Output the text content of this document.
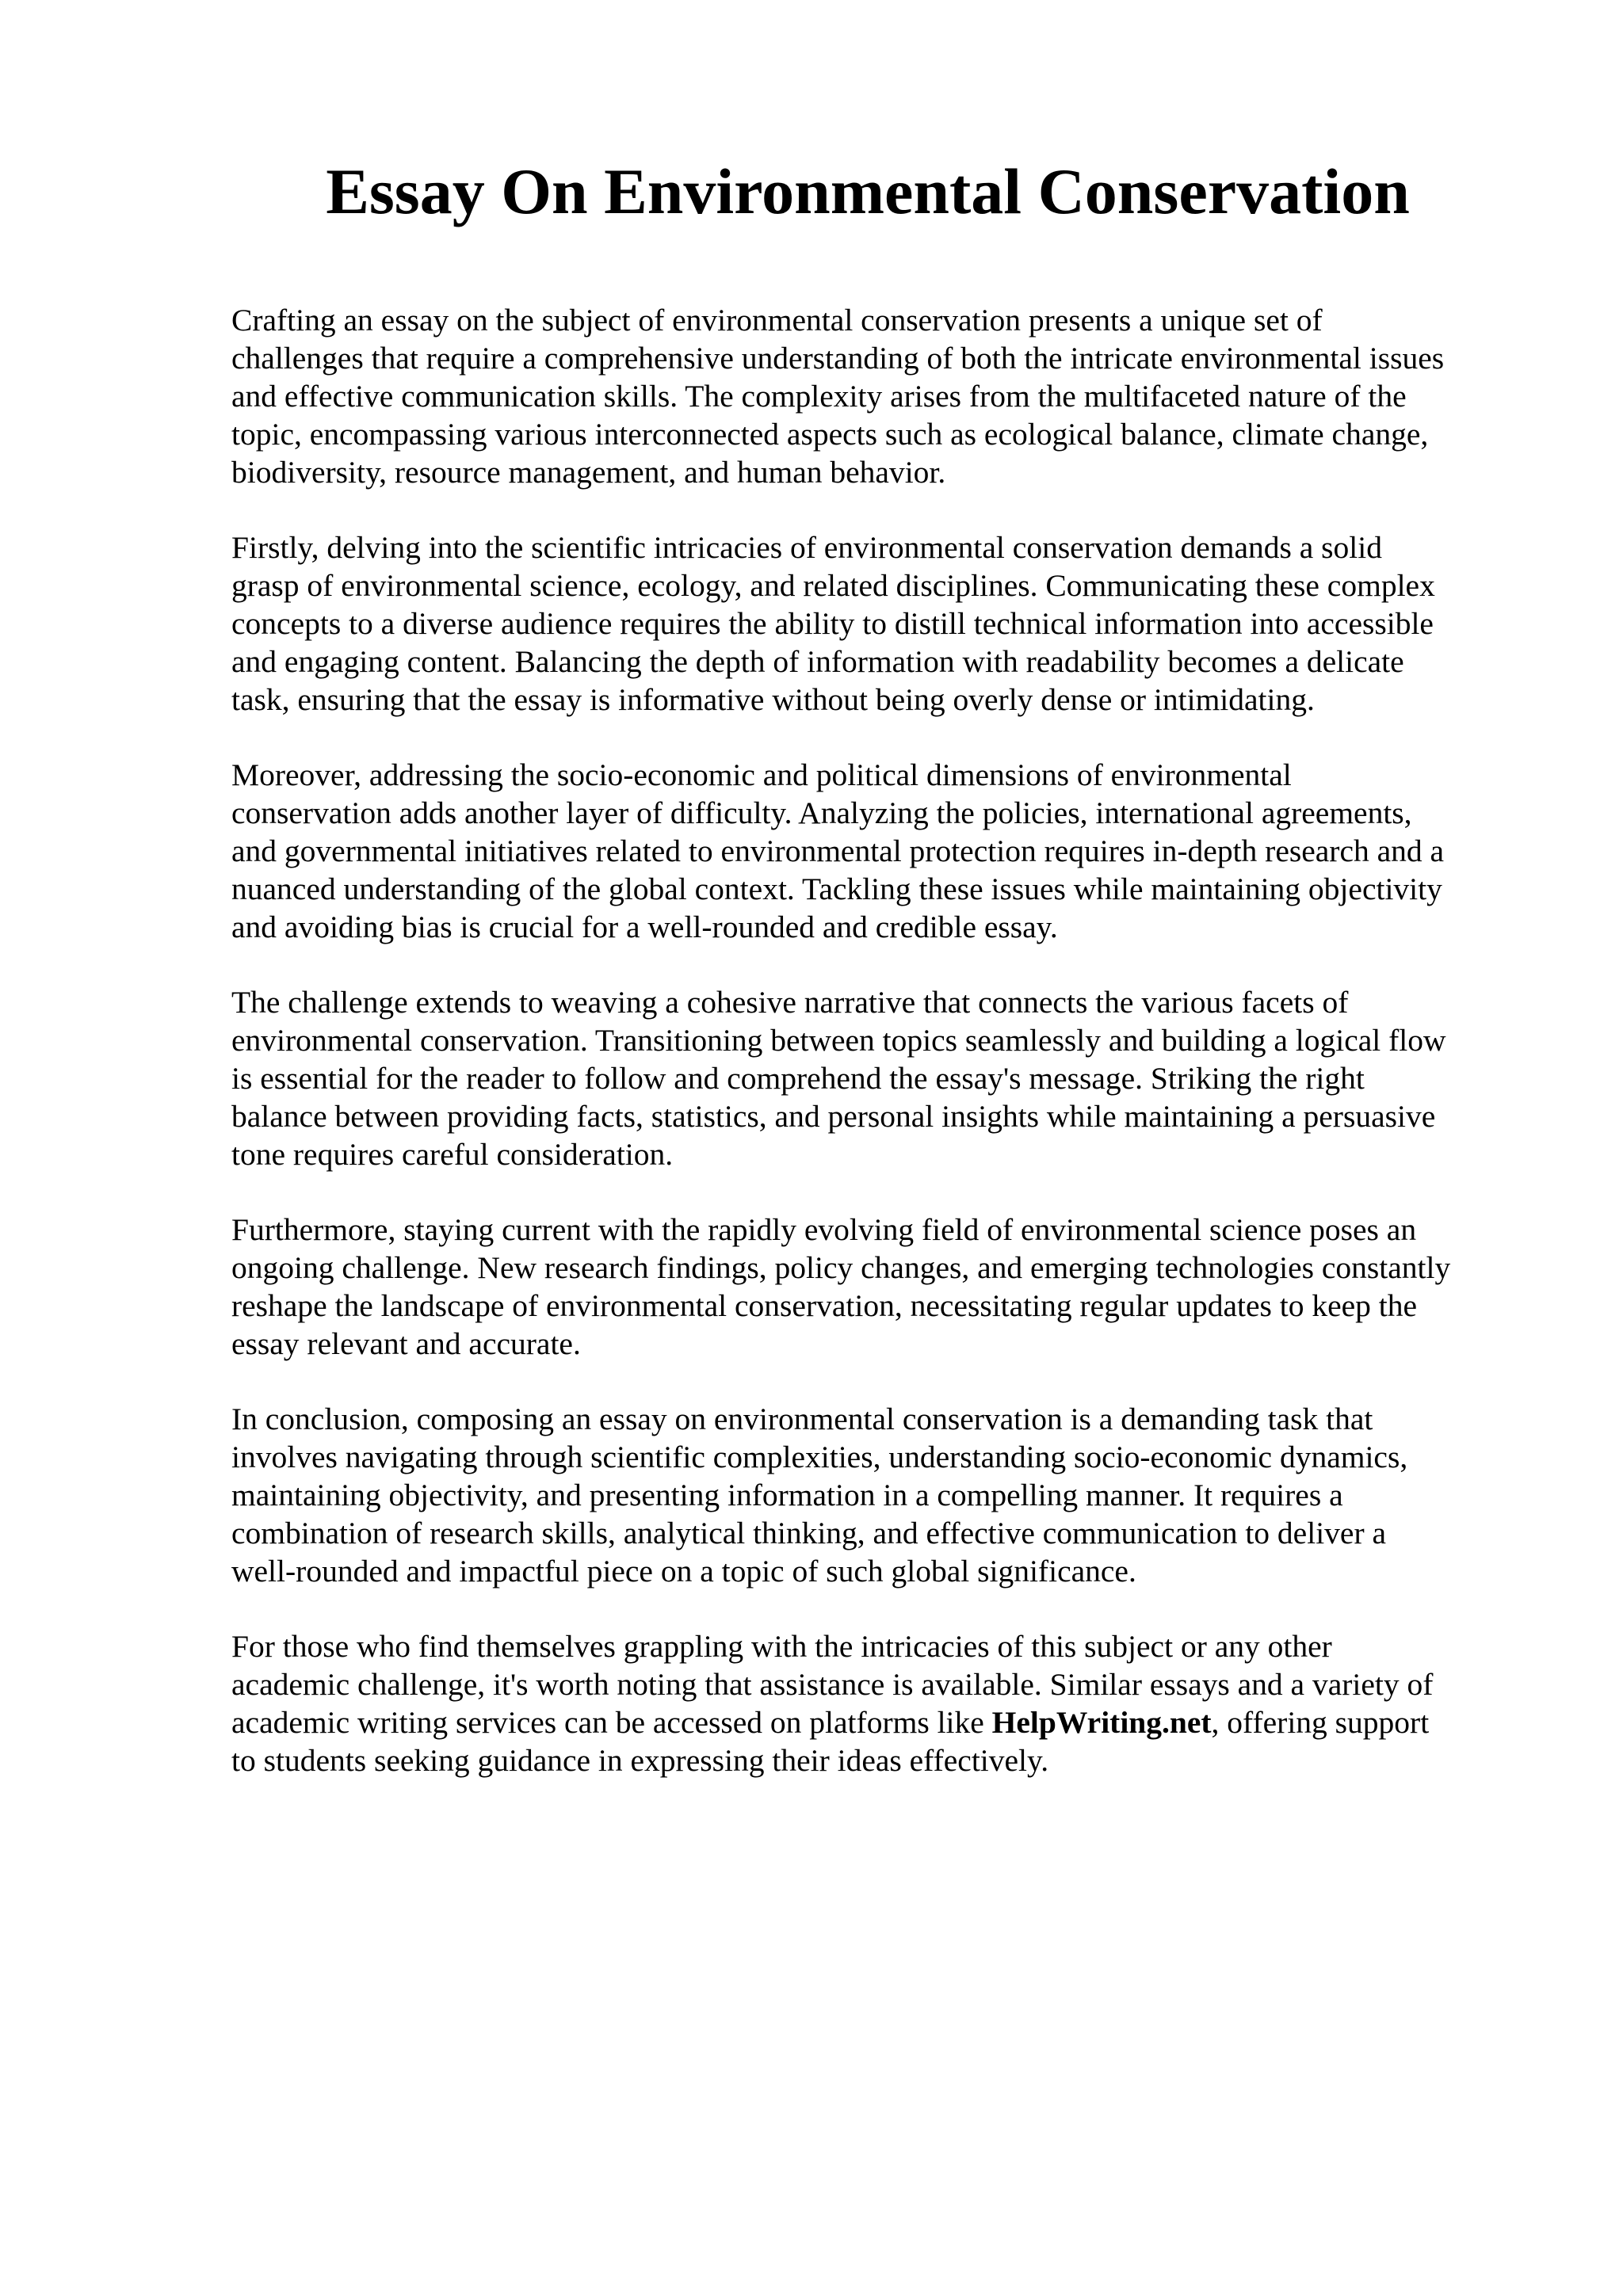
Essay On Environmental Conservation

Crafting an essay on the subject of environmental conservation presents a unique set of
challenges that require a comprehensive understanding of both the intricate environmental issues
and effective communication skills. The complexity arises from the multifaceted nature of the
topic, encompassing various interconnected aspects such as ecological balance, climate change,
biodiversity, resource management, and human behavior.

Firstly, delving into the scientific intricacies of environmental conservation demands a solid
grasp of environmental science, ecology, and related disciplines. Communicating these complex
concepts to a diverse audience requires the ability to distill technical information into accessible
and engaging content. Balancing the depth of information with readability becomes a delicate
task, ensuring that the essay is informative without being overly dense or intimidating.

Moreover, addressing the socio-economic and political dimensions of environmental
conservation adds another layer of difficulty. Analyzing the policies, international agreements,
and governmental initiatives related to environmental protection requires in-depth research and a
nuanced understanding of the global context. Tackling these issues while maintaining objectivity
and avoiding bias is crucial for a well-rounded and credible essay.

The challenge extends to weaving a cohesive narrative that connects the various facets of
environmental conservation. Transitioning between topics seamlessly and building a logical flow
is essential for the reader to follow and comprehend the essay's message. Striking the right
balance between providing facts, statistics, and personal insights while maintaining a persuasive
tone requires careful consideration.

Furthermore, staying current with the rapidly evolving field of environmental science poses an
ongoing challenge. New research findings, policy changes, and emerging technologies constantly
reshape the landscape of environmental conservation, necessitating regular updates to keep the
essay relevant and accurate.

In conclusion, composing an essay on environmental conservation is a demanding task that
involves navigating through scientific complexities, understanding socio-economic dynamics,
maintaining objectivity, and presenting information in a compelling manner. It requires a
combination of research skills, analytical thinking, and effective communication to deliver a
well-rounded and impactful piece on a topic of such global significance.

For those who find themselves grappling with the intricacies of this subject or any other
academic challenge, it's worth noting that assistance is available. Similar essays and a variety of
academic writing services can be accessed on platforms like HelpWriting.net, offering support
to students seeking guidance in expressing their ideas effectively.
